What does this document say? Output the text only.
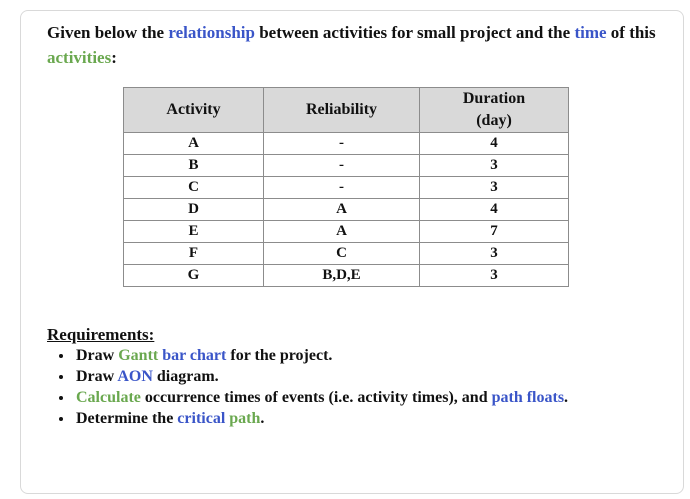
Given below the relationship between activities for small project and the time of this activities:
Activity	Reliability	Duration
(day)
A	-	4
B	-	3
C	-	3
D	A	4
E	A	7
F	C	3
G	B,D,E	3
Requirements:
• Draw Gantt bar chart for the project.
• Draw AON diagram.
• Calculate occurrence times of events (i.e. activity times), and path floats.
• Determine the critical path.
